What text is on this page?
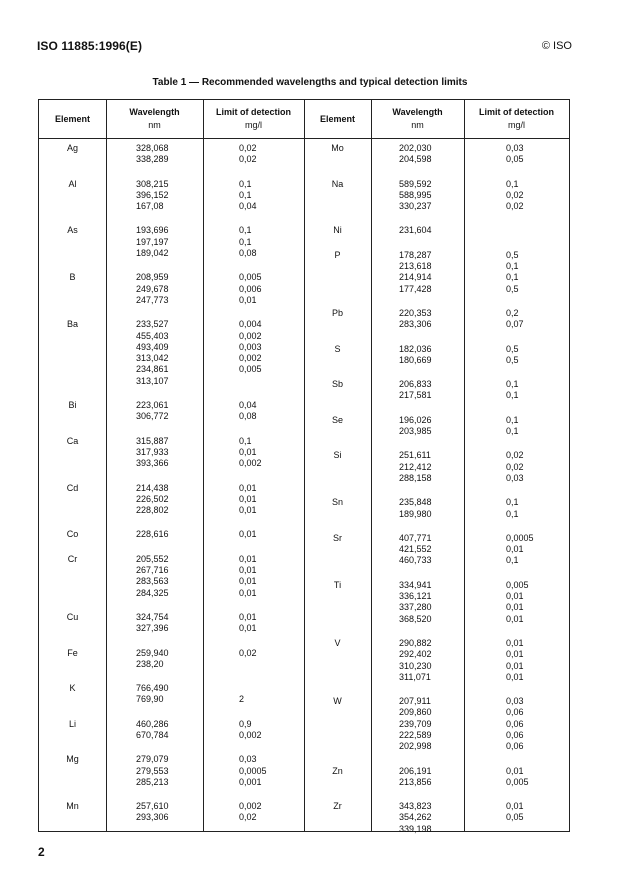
ISO 11885:1996(E)	© ISO
Table 1 — Recommended wavelengths and typical detection limits
Element
Wavelength
nm
Limit of detection
mg/l
Element
Wavelength
nm
Limit of detection
mg/l
Ag
Al
As
B
Ba
Bi
Ca
Cd
Co
Cr
Cu
Fe
K
Li
Mg
Mn
328,068
338,289
308,215
396,152
167,08
193,696
197,197
189,042
208,959
249,678
247,773
233,527
455,403
493,409
313,042
234,861
313,107
223,061
306,772
315,887
317,933
393,366
214,438
226,502
228,802
228,616
205,552
267,716
283,563
284,325
324,754
327,396
259,940
238,20
766,490
769,90
460,286
670,784
279,079
279,553
285,213
257,610
293,306
0,02
0,02
0,1
0,1
0,04
0,1
0,1
0,08
0,005
0,006
0,01
0,004
0,002
0,003
0,002
0,005
0,04
0,08
0,1
0,01
0,002
0,01
0,01
0,01
0,01
0,01
0,01
0,01
0,01
0,01
0,01
0,02
2
0,9
0,002
0,03
0,0005
0,001
0,002
0,02
Mo
Na
Ni
P
Pb
S
Sb
Se
Si
Sn
Sr
Ti
V
W
Zn
Zr
202,030
204,598
589,592
588,995
330,237
231,604
178,287
213,618
214,914
177,428
220,353
283,306
182,036
180,669
206,833
217,581
196,026
203,985
251,611
212,412
288,158
235,848
189,980
407,771
421,552
460,733
334,941
336,121
337,280
368,520
290,882
292,402
310,230
311,071
207,911
209,860
239,709
222,589
202,998
206,191
213,856
343,823
354,262
339,198
0,03
0,05
0,1
0,02
0,02
0,5
0,1
0,1
0,5
0,2
0,07
0,5
0,5
0,1
0,1
0,1
0,1
0,02
0,02
0,03
0,1
0,1
0,0005
0,01
0,1
0,005
0,01
0,01
0,01
0,01
0,01
0,01
0,01
0,03
0,06
0,06
0,06
0,06
0,01
0,005
0,01
0,05
2
